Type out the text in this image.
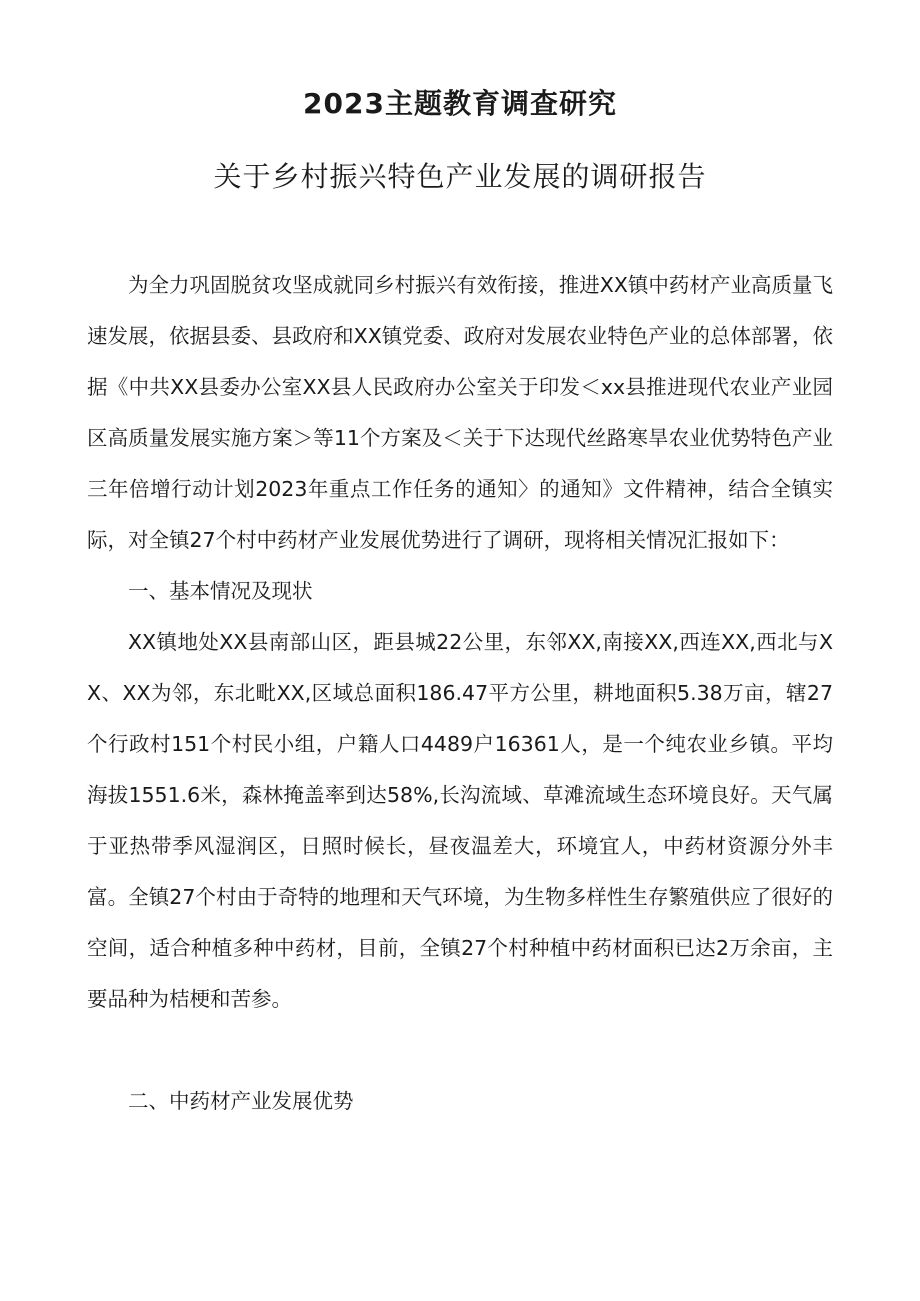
2023主题教育调查研究
关于乡村振兴特色产业发展的调研报告

为全力巩固脱贫攻坚成就同乡村振兴有效衔接，推进XX镇中药材产业高质量飞速发展，依据县委、县政府和XX镇党委、政府对发展农业特色产业的总体部署，依据《中共XX县委办公室XX县人民政府办公室关于印发＜xx县推进现代农业产业园区高质量发展实施方案＞等11个方案及＜关于下达现代丝路寒旱农业优势特色产业三年倍增行动计划2023年重点工作任务的通知〉的通知》文件精神，结合全镇实际，对全镇27个村中药材产业发展优势进行了调研，现将相关情况汇报如下：

一、基本情况及现状

XX镇地处XX县南部山区，距县城22公里，东邻XX,南接XX,西连XX,西北与XX、XX为邻，东北毗XX,区域总面积186.47平方公里，耕地面积5.38万亩，辖27个行政村151个村民小组，户籍人口4489户16361人，是一个纯农业乡镇。平均海拔1551.6米，森林掩盖率到达58%,长沟流域、草滩流域生态环境良好。天气属于亚热带季风湿润区，日照时候长，昼夜温差大，环境宜人，中药材资源分外丰富。全镇27个村由于奇特的地理和天气环境，为生物多样性生存繁殖供应了很好的空间，适合种植多种中药材，目前，全镇27个村种植中药材面积已达2万余亩，主要品种为桔梗和苦参。

二、中药材产业发展优势
